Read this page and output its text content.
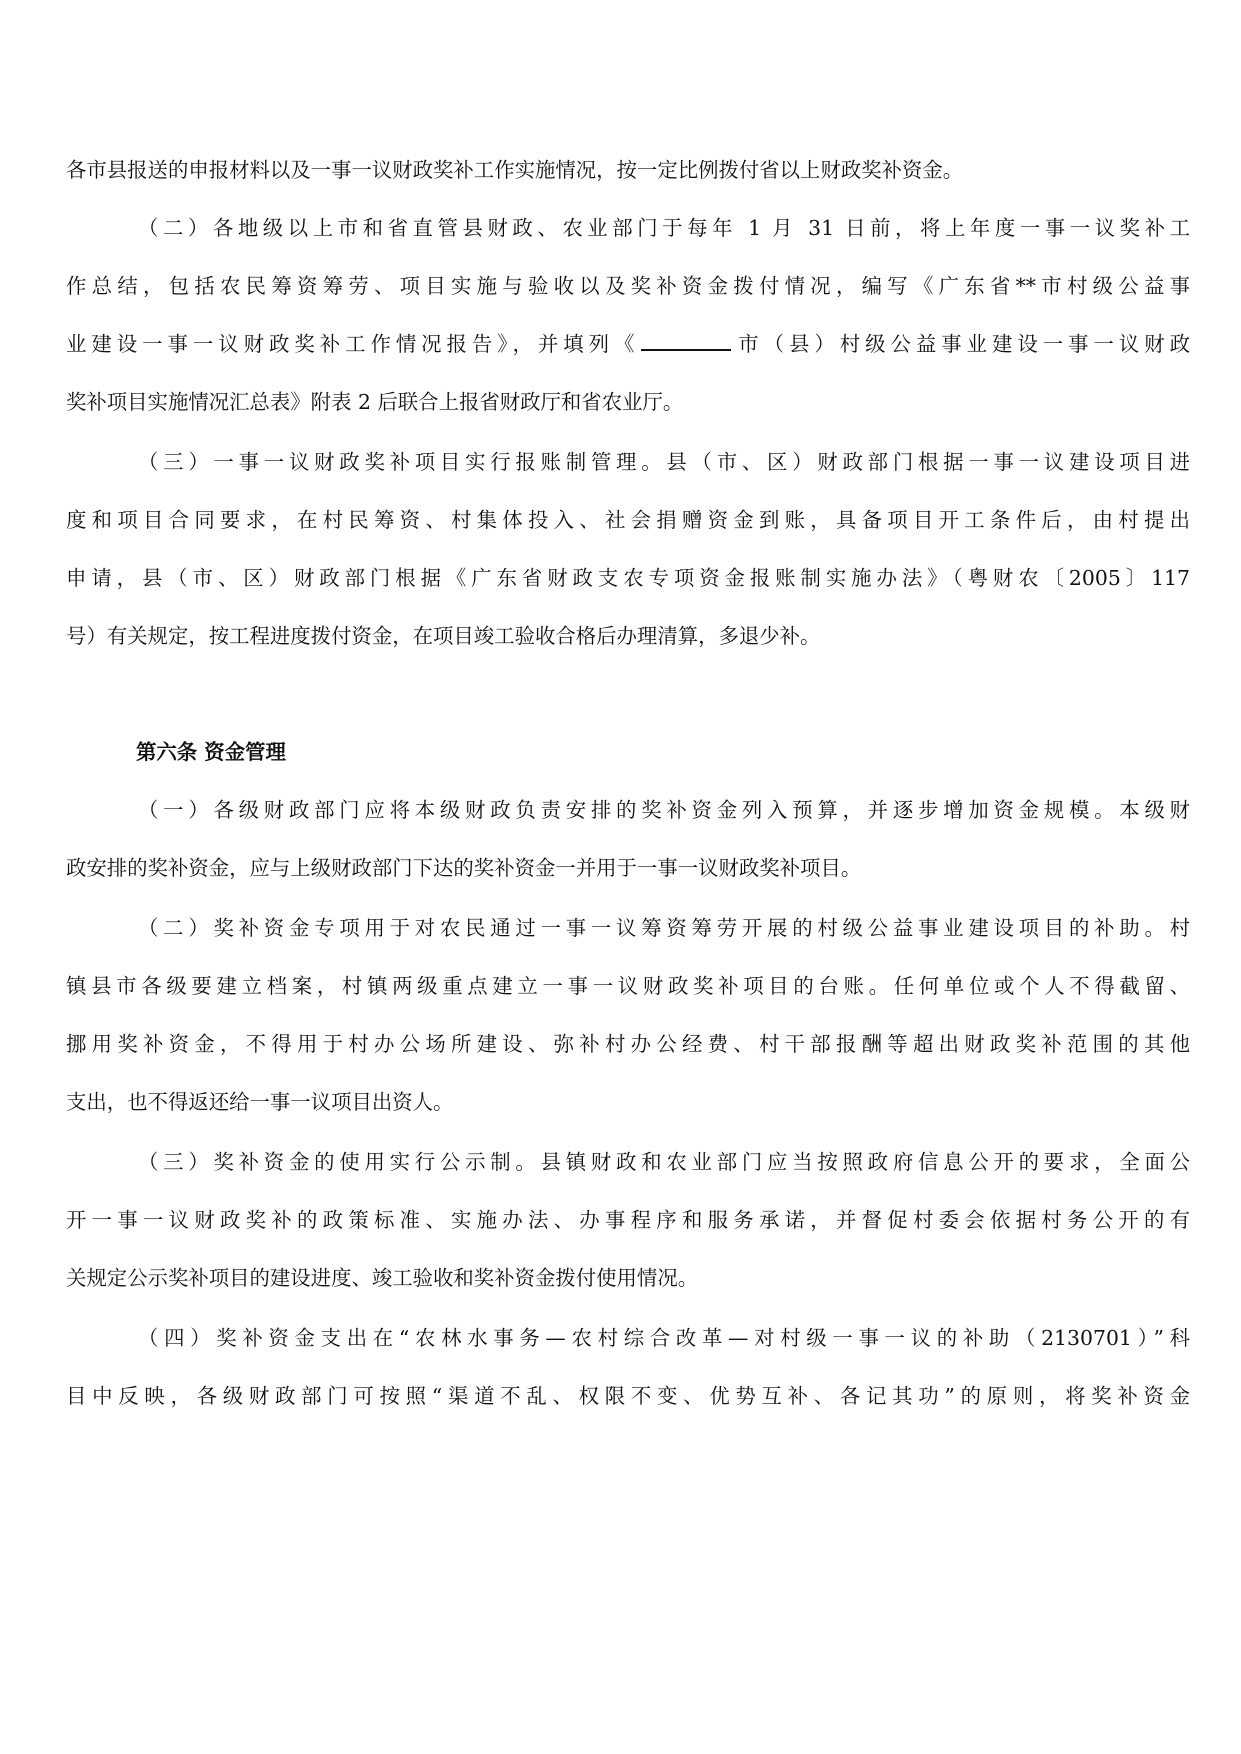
各市县报送的申报材料以及一事一议财政奖补工作实施情况，按一定比例拨付省以上财政奖补资金。
（二）各地级以上市和省直管县财政、农业部门于每年 1 月 31 日前，将上年度一事一议奖补工
作总结，包括农民筹资筹劳、项目实施与验收以及奖补资金拨付情况，编写《广东省**市村级公益事
业建设一事一议财政奖补工作情况报告》，并填列《	市（县）村级公益事业建设一事一议财政
奖补项目实施情况汇总表》附表 2 后联合上报省财政厅和省农业厅。
（三）一事一议财政奖补项目实行报账制管理。县（市、区）财政部门根据一事一议建设项目进
度和项目合同要求，在村民筹资、村集体投入、社会捐赠资金到账，具备项目开工条件后，由村提出
申请，县（市、区）财政部门根据《广东省财政支农专项资金报账制实施办法》（粤财农〔2005〕117
号）有关规定，按工程进度拨付资金，在项目竣工验收合格后办理清算，多退少补。
第六条 资金管理
（一）各级财政部门应将本级财政负责安排的奖补资金列入预算，并逐步增加资金规模。本级财
政安排的奖补资金，应与上级财政部门下达的奖补资金一并用于一事一议财政奖补项目。
（二）奖补资金专项用于对农民通过一事一议筹资筹劳开展的村级公益事业建设项目的补助。村
镇县市各级要建立档案，村镇两级重点建立一事一议财政奖补项目的台账。任何单位或个人不得截留、
挪用奖补资金，不得用于村办公场所建设、弥补村办公经费、村干部报酬等超出财政奖补范围的其他
支出，也不得返还给一事一议项目出资人。
（三）奖补资金的使用实行公示制。县镇财政和农业部门应当按照政府信息公开的要求，全面公
开一事一议财政奖补的政策标准、实施办法、办事程序和服务承诺，并督促村委会依据村务公开的有
关规定公示奖补项目的建设进度、竣工验收和奖补资金拨付使用情况。
（四）奖补资金支出在“农林水事务—农村综合改革—对村级一事一议的补助（2130701）”科
目中反映，各级财政部门可按照“渠道不乱、权限不变、优势互补、各记其功”的原则，将奖补资金
